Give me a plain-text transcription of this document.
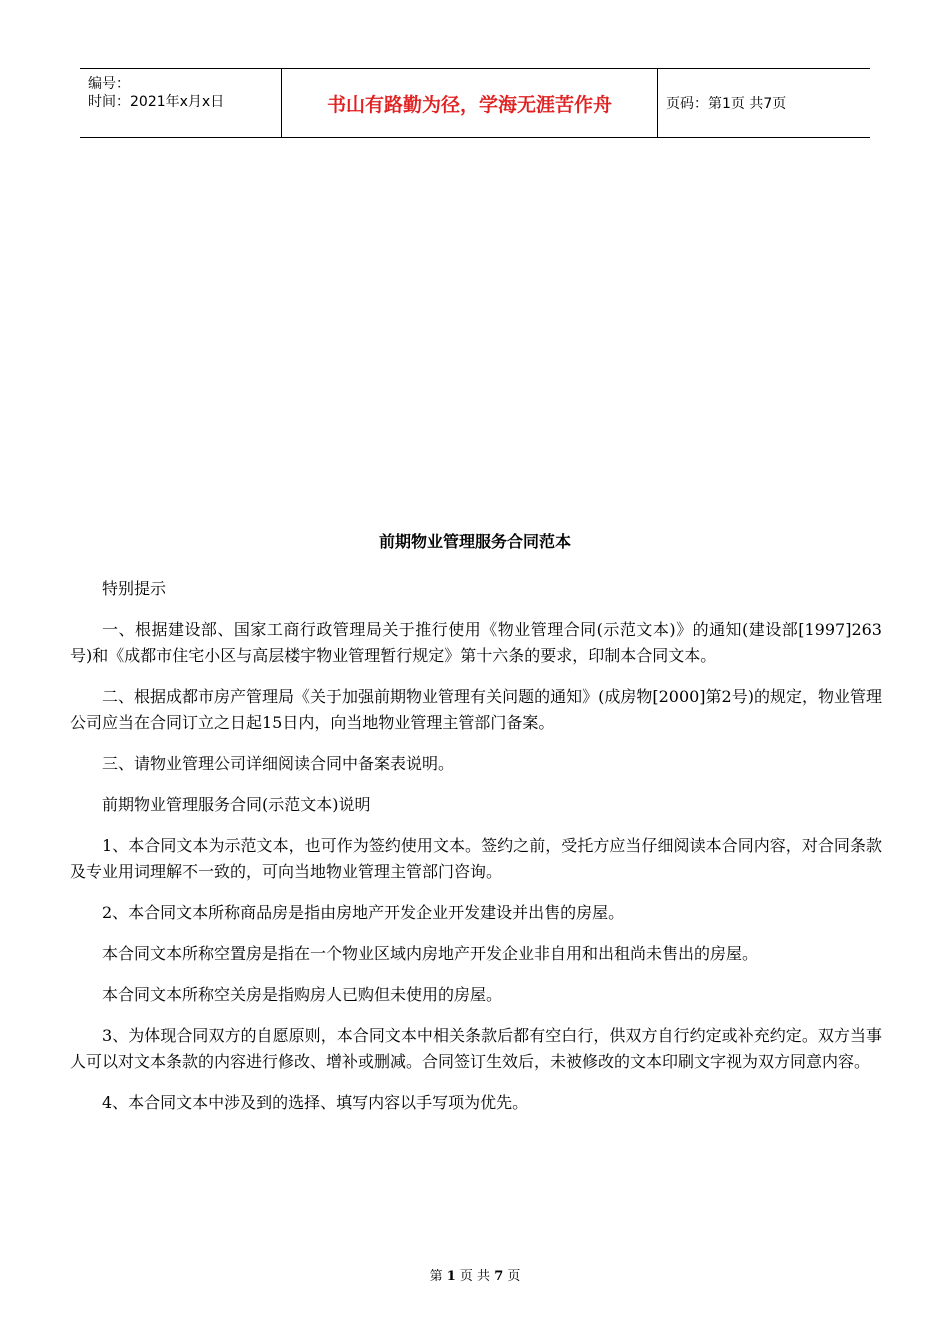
编号：
时间：2021年x月x日	书山有路勤为径，学海无涯苦作舟	页码：第1页 共7页
前期物业管理服务合同范本

特别提示

一、根据建设部、国家工商行政管理局关于推行使用《物业管理合同(示范文本)》的通知(建设部[1997]263号)和《成都市住宅小区与高层楼宇物业管理暂行规定》第十六条的要求，印制本合同文本。

二、根据成都市房产管理局《关于加强前期物业管理有关问题的通知》(成房物[2000]第2号)的规定，物业管理公司应当在合同订立之日起15日内，向当地物业管理主管部门备案。

三、请物业管理公司详细阅读合同中备案表说明。

前期物业管理服务合同(示范文本)说明

1、本合同文本为示范文本，也可作为签约使用文本。签约之前，受托方应当仔细阅读本合同内容，对合同条款及专业用词理解不一致的，可向当地物业管理主管部门咨询。

2、本合同文本所称商品房是指由房地产开发企业开发建设并出售的房屋。

本合同文本所称空置房是指在一个物业区域内房地产开发企业非自用和出租尚未售出的房屋。

本合同文本所称空关房是指购房人已购但未使用的房屋。

3、为体现合同双方的自愿原则，本合同文本中相关条款后都有空白行，供双方自行约定或补充约定。双方当事人可以对文本条款的内容进行修改、增补或删减。合同签订生效后，未被修改的文本印刷文字视为双方同意内容。

4、本合同文本中涉及到的选择、填写内容以手写项为优先。

第 1 页 共 7 页
